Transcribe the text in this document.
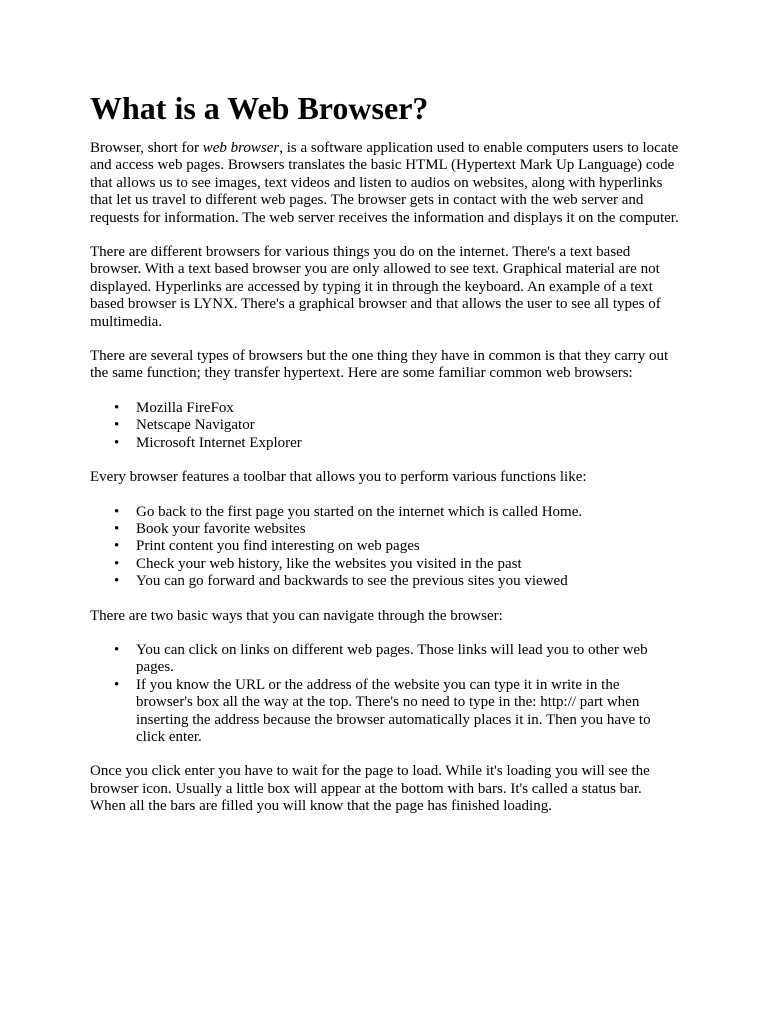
What is a Web Browser?

Browser, short for web browser, is a software application used to enable computers users to locate and access web pages. Browsers translates the basic HTML (Hypertext Mark Up Language) code that allows us to see images, text videos and listen to audios on websites, along with hyperlinks that let us travel to different web pages. The browser gets in contact with the web server and requests for information. The web server receives the information and displays it on the computer.

There are different browsers for various things you do on the internet. There's a text based browser. With a text based browser you are only allowed to see text. Graphical material are not displayed. Hyperlinks are accessed by typing it in through the keyboard. An example of a text based browser is LYNX. There's a graphical browser and that allows the user to see all types of multimedia.

There are several types of browsers but the one thing they have in common is that they carry out the same function; they transfer hypertext. Here are some familiar common web browsers:

• Mozilla FireFox
• Netscape Navigator
• Microsoft Internet Explorer

Every browser features a toolbar that allows you to perform various functions like:

• Go back to the first page you started on the internet which is called Home.
• Book your favorite websites
• Print content you find interesting on web pages
• Check your web history, like the websites you visited in the past
• You can go forward and backwards to see the previous sites you viewed

There are two basic ways that you can navigate through the browser:

• You can click on links on different web pages. Those links will lead you to other web pages.
• If you know the URL or the address of the website you can type it in write in the browser's box all the way at the top. There's no need to type in the: http:// part when inserting the address because the browser automatically places it in. Then you have to click enter.

Once you click enter you have to wait for the page to load. While it's loading you will see the browser icon. Usually a little box will appear at the bottom with bars. It's called a status bar. When all the bars are filled you will know that the page has finished loading.
